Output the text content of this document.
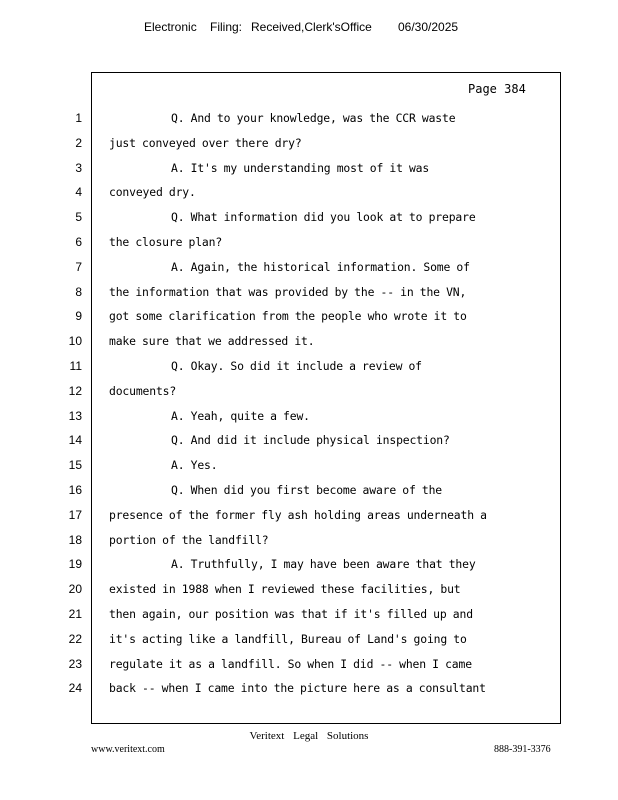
Electronic Filing: Received,Clerk'sOffice 06/30/2025
Page 384
1	Q. And to your knowledge, was the CCR waste
2 just conveyed over there dry?
3	A. It's my understanding most of it was
4 conveyed dry.
5	Q. What information did you look at to prepare
6 the closure plan?
7	A. Again, the historical information. Some of
8 the information that was provided by the -- in the VN,
9 got some clarification from the people who wrote it to
10 make sure that we addressed it.
11	Q. Okay. So did it include a review of
12 documents?
13	A. Yeah, quite a few.
14	Q. And did it include physical inspection?
15	A. Yes.
16	Q. When did you first become aware of the
17 presence of the former fly ash holding areas underneath a
18 portion of the landfill?
19	A. Truthfully, I may have been aware that they
20 existed in 1988 when I reviewed these facilities, but
21 then again, our position was that if it's filled up and
22 it's acting like a landfill, Bureau of Land's going to
23 regulate it as a landfill. So when I did -- when I came
24 back -- when I came into the picture here as a consultant
Veritext Legal Solutions
www.veritext.com	888-391-3376
